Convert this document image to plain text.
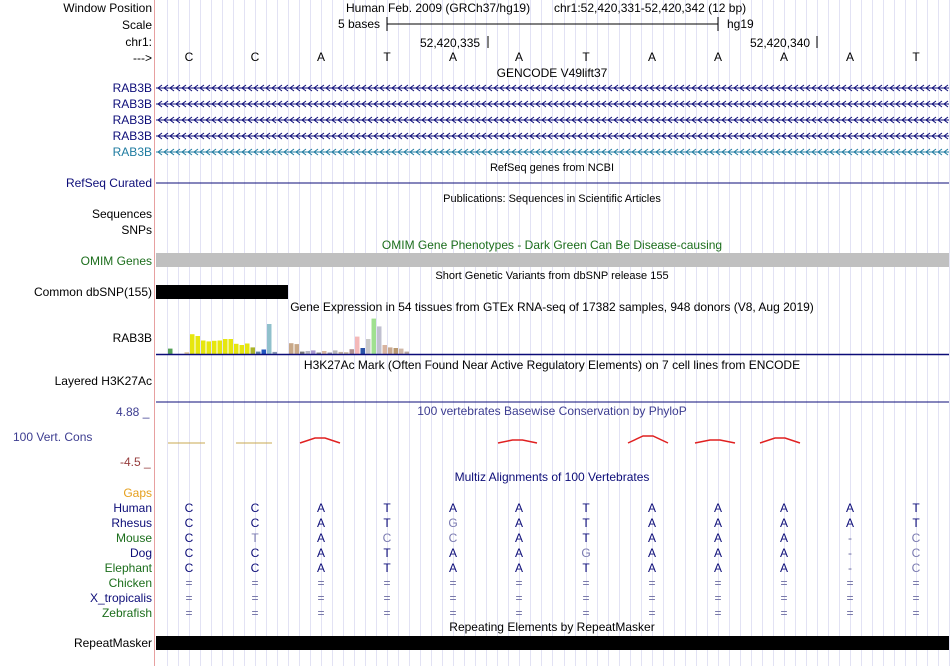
Window Position
Scale
chr1:
--->
Human Feb. 2009 (GRCh37/hg19) chr1:52,420,331-52,420,342 (12 bp)
5 bases	hg19
52,420,335	52,420,340
C	C	A	T	A	A	T	A	A	A	A	T
GENCODE V49lift37
RAB3B
RAB3B
RAB3B
RAB3B
RAB3B
RefSeq genes from NCBI
RefSeq Curated
Publications: Sequences in Scientific Articles
Sequences
SNPs
OMIM Gene Phenotypes - Dark Green Can Be Disease-causing
OMIM Genes
Short Genetic Variants from dbSNP release 155
Common dbSNP(155)
Gene Expression in 54 tissues from GTEx RNA-seq of 17382 samples, 948 donors (V8, Aug 2019)
RAB3B
H3K27Ac Mark (Often Found Near Active Regulatory Elements) on 7 cell lines from ENCODE
Layered H3K27Ac
100 vertebrates Basewise Conservation by PhyloP
4.88 _
100 Vert. Cons
-4.5 _
Multiz Alignments of 100 Vertebrates
Gaps
Human	C	C	A	T	A	A	T	A	A	A	A	T
Rhesus	C	C	A	T	G	A	T	A	A	A	A	T
Mouse	C	T	A	C	C	A	T	A	A	A	-	C
Dog	C	C	A	T	A	A	G	A	A	A	-	C
Elephant	C	C	A	T	A	A	T	A	A	A	-	C
Chicken	=	=	=	=	=	=	=	=	=	=	=	=
X_tropicalis	=	=	=	=	=	=	=	=	=	=	=	=
Zebrafish	=	=	=	=	=	=	=	=	=	=	=	=
Repeating Elements by RepeatMasker
RepeatMasker
